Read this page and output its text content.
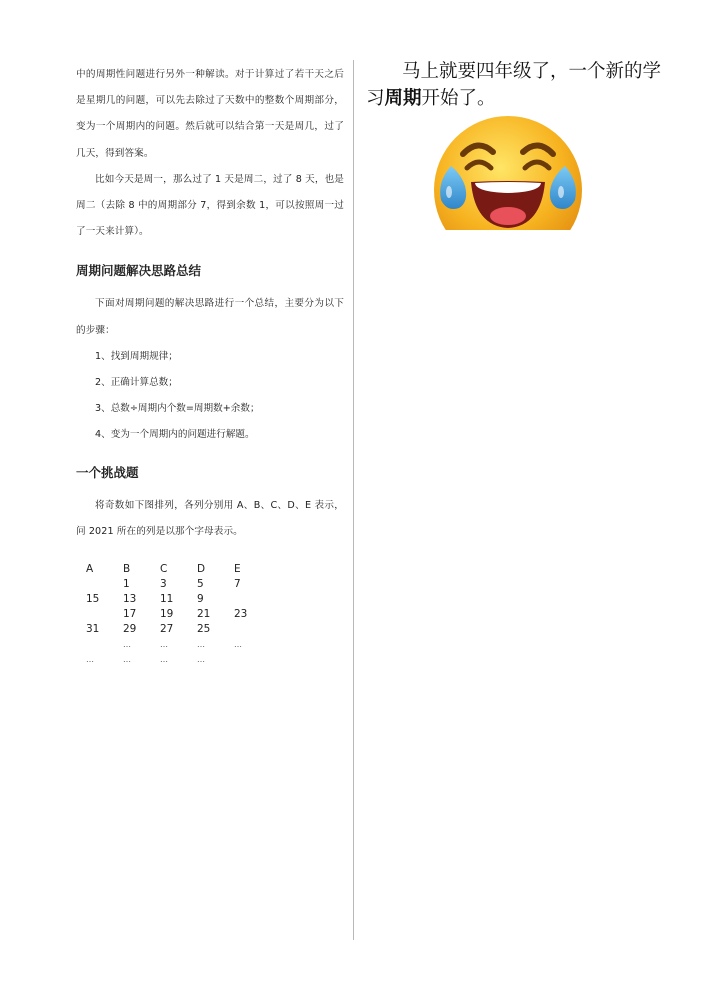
中的周期性问题进行另外一种解读。对于计算过了若干天之后是星期几的问题，可以先去除过了天数中的整数个周期部分，变为一个周期内的问题。然后就可以结合第一天是周几，过了几天，得到答案。

比如今天是周一，那么过了 1 天是周二，过了 8 天，也是周二（去除 8 中的周期部分 7，得到余数 1，可以按照周一过了一天来计算）。

周期问题解决思路总结

下面对周期问题的解决思路进行一个总结，主要分为以下的步骤：

1、找到周期规律；
2、正确计算总数；
3、总数÷周期内个数=周期数+余数；
4、变为一个周期内的问题进行解题。
一个挑战题

将奇数如下图排列，各列分别用 A、B、C、D、E 表示，问 2021 所在的列是以那个字母表示。

A	B	C	D	E
	1	3	5	7
15	13	11	9	
	17	19	21	23
31	29	27	25	
	…	…	…	…
…	…	…	…	

马上就要四年级了，一个新的学习周期开始了。
